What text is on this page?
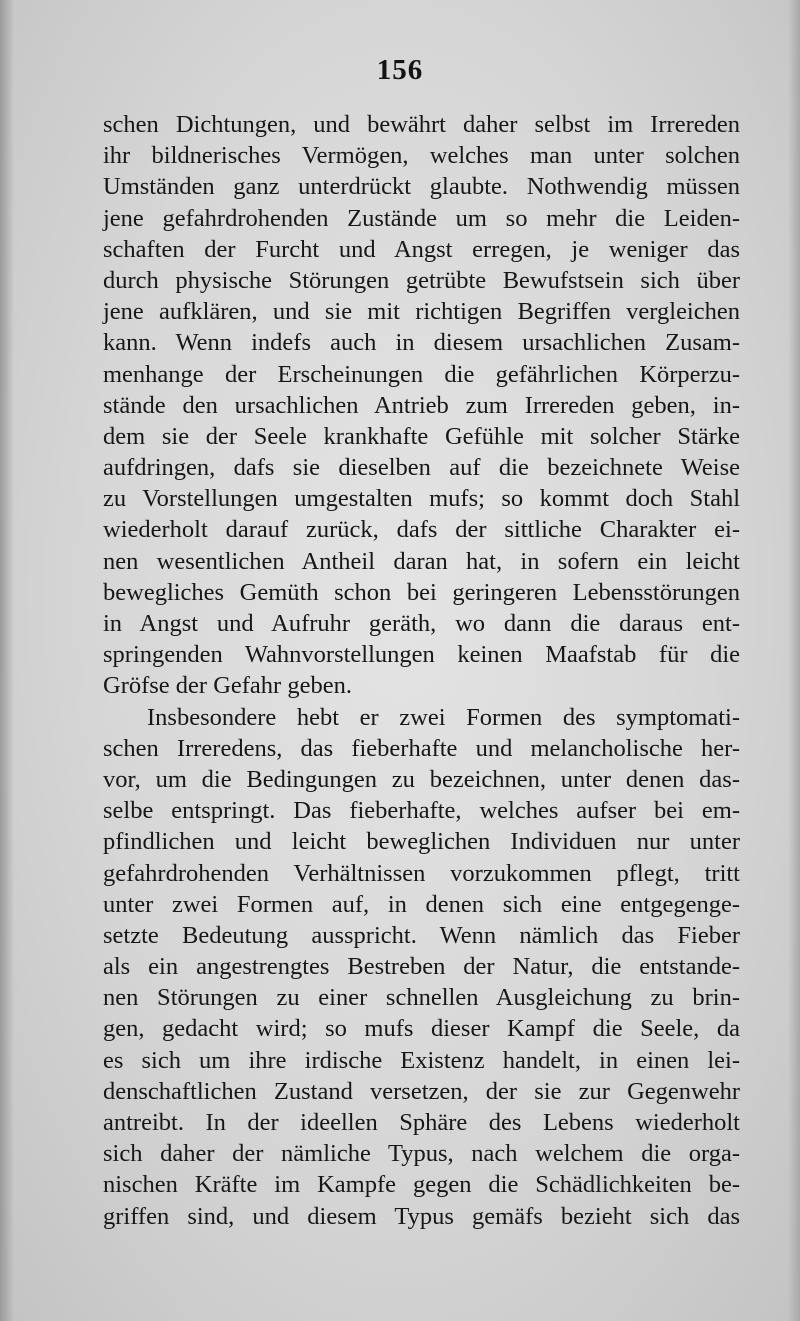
156
schen Dichtungen, und bewährt daher selbst im Irrereden
ihr bildnerisches Vermögen, welches man unter solchen
Umständen ganz unterdrückt glaubte. Nothwendig müssen
jene gefahrdrohenden Zustände um so mehr die Leiden-
schaften der Furcht und Angst erregen, je weniger das
durch physische Störungen getrübte Bewufstsein sich über
jene aufklären, und sie mit richtigen Begriffen vergleichen
kann. Wenn indefs auch in diesem ursachlichen Zusam-
menhange der Erscheinungen die gefährlichen Körperzu-
stände den ursachlichen Antrieb zum Irrereden geben, in-
dem sie der Seele krankhafte Gefühle mit solcher Stärke
aufdringen, dafs sie dieselben auf die bezeichnete Weise
zu Vorstellungen umgestalten mufs; so kommt doch Stahl
wiederholt darauf zurück, dafs der sittliche Charakter ei-
nen wesentlichen Antheil daran hat, in sofern ein leicht
bewegliches Gemüth schon bei geringeren Lebensstörungen
in Angst und Aufruhr geräth, wo dann die daraus ent-
springenden Wahnvorstellungen keinen Maafstab für die
Gröfse der Gefahr geben.
Insbesondere hebt er zwei Formen des symptomati-
schen Irreredens, das fieberhafte und melancholische her-
vor, um die Bedingungen zu bezeichnen, unter denen das-
selbe entspringt. Das fieberhafte, welches aufser bei em-
pfindlichen und leicht beweglichen Individuen nur unter
gefahrdrohenden Verhältnissen vorzukommen pflegt, tritt
unter zwei Formen auf, in denen sich eine entgegenge-
setzte Bedeutung ausspricht. Wenn nämlich das Fieber
als ein angestrengtes Bestreben der Natur, die entstande-
nen Störungen zu einer schnellen Ausgleichung zu brin-
gen, gedacht wird; so mufs dieser Kampf die Seele, da
es sich um ihre irdische Existenz handelt, in einen lei-
denschaftlichen Zustand versetzen, der sie zur Gegenwehr
antreibt. In der ideellen Sphäre des Lebens wiederholt
sich daher der nämliche Typus, nach welchem die orga-
nischen Kräfte im Kampfe gegen die Schädlichkeiten be-
griffen sind, und diesem Typus gemäfs bezieht sich das
